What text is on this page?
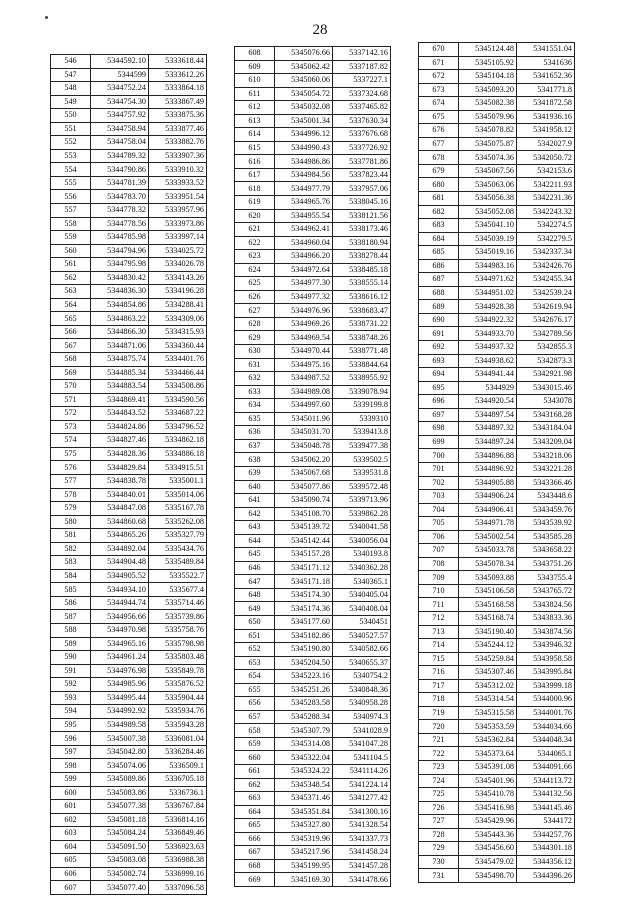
28
546	5344592.10	5333618.44
547	5344599	5333612.26
548	5344752.24	5333864.18
549	5344754.30	5333867.49
550	5344757.92	5333875.36
551	5344758.94	5333877.46
552	5344758.04	5333882.76
553	5344789.32	5333907.36
554	5344790.86	5333910.32
555	5344781.39	5333933.52
556	5344783.70	5333951.54
557	5344778.32	5333957.96
558	5344778.56	5333973.86
559	5344785.98	5333997.14
560	5344794.96	5334025.72
561	5344795.98	5334026.78
562	5344830.42	5334143.26
563	5344836.30	5334196.28
564	5344854.86	5334288.41
565	5344863.22	5334309.06
566	5344866.30	5334315.93
567	5344871.06	5334360.44
568	5344875.74	5334401.76
569	5344885.34	5334466.44
570	5344883.54	5334508.86
571	5344869.41	5334590.56
572	5344843.52	5334687.22
573	5344824.86	5334796.52
574	5344827.46	5334862.18
575	5344828.36	5334886.18
576	5344829.84	5334915.51
577	5344838.78	5335001.1
578	5344840.01	5335014.06
579	5344847.08	5335167.78
580	5344860.68	5335262.08
581	5344865.26	5335327.79
582	5344892.04	5335434.76
583	5344904.48	5335489.84
584	5344905.52	5335522.7
585	5344934.10	5335677.4
586	5344944.74	5335714.46
587	5344956.66	5335739.86
588	5344970.98	5335758.76
589	5344965.16	5335798.98
590	5344961.24	5335803.48
591	5344976.98	5335849.78
592	5344985.96	5335876.52
593	5344995.44	5335904.44
594	5344992.92	5335934.76
595	5344989.58	5335943.28
596	5345007.38	5336081.04
597	5345042.80	5336284.46
598	5345074.06	5336509.1
599	5345089.86	5336705.18
600	5345083.86	5336736.1
601	5345077.38	5336767.84
602	5345081.18	5336814.16
603	5345084.24	5336849.46
604	5345091.50	5336923.63
605	5345083.08	5336988.38
606	5345082.74	5336999.16
607	5345077.40	5337096.58
608	5345076.66	5337142.16
609	5345062.42	5337187.82
610	5345060.06	5337227.1
611	5345054.72	5337324.68
612	5345032.08	5337465.82
613	5345001.34	5337630.34
614	5344996.12	5337676.68
615	5344990.43	5337726.92
616	5344986.86	5337781.86
617	5344984.56	5337823.44
618	5344977.79	5337957.06
619	5344965.76	5338045.16
620	5344955.54	5338121.56
621	5344962.41	5338173.46
622	5344960.04	5338180.94
623	5344966.20	5338278.44
624	5344972.64	5338485.18
625	5344977.30	5338555.14
626	5344977.32	5338616.12
627	5344976.96	5338683.47
628	5344969.26	5338731.22
629	5344969.54	5338748.26
630	5344970.44	5338771.48
631	5344975.16	5338844.64
632	5344987.52	5338955.92
633	5344989.08	5339078.94
634	5344997.60	5339199.8
635	5345011.96	5339310
636	5345031.70	5339413.8
637	5345048.78	5339477.38
638	5345062.20	5339502.5
639	5345067.68	5339531.8
640	5345077.86	5339572.48
641	5345090.74	5339713.96
642	5345108.70	5339862.28
643	5345139.72	5340041.58
644	5345142.44	5340056.04
645	5345157.28	5340193.8
646	5345171.12	5340362.28
647	5345171.18	5340365.1
648	5345174.30	5340405.04
649	5345174.36	5340408.04
650	5345177.60	5340451
651	5345182.86	5340527.57
652	5345190.80	5340582.66
653	5345204.50	5340655.37
654	5345223.16	5340754.2
655	5345251.26	5340848.36
656	5345283.58	5340958.28
657	5345288.34	5340974.3
658	5345307.79	5341028.9
659	5345314.08	5341047.28
660	5345322.04	5341104.5
661	5345324.22	5341114.26
662	5345348.54	5341224.14
663	5345371.46	5341277.42
664	5345351.84	5341300.16
665	5345327.80	5341328.54
666	5345319.96	5341337.73
667	5345217.96	5341458.24
668	5345199.95	5341457.28
669	5345169.30	5341478.66
670	5345124.48	5341551.04
671	5345105.92	5341636
672	5345104.18	5341652.36
673	5345093.20	5341771.8
674	5345082.38	5341872.58
675	5345079.96	5341936.16
676	5345078.82	5341958.12
677	5345075.87	5342027.9
678	5345074.36	5342050.72
679	5345067.56	5342153.6
680	5345063.06	5342211.93
681	5345056.38	5342231.36
682	5345052.08	5342243.32
683	5345041.10	5342274.5
684	5345039.19	5342279.5
685	5345019.16	5342337.34
686	5344983.16	5342426.76
687	5344971.62	5342455.34
688	5344951.02	5342539.24
689	5344928.38	5342619.94
690	5344922.32	5342676.17
691	5344933.70	5342789.56
692	5344937.32	5342855.3
693	5344938.62	5342873.3
694	5344941.44	5342921.98
695	5344929	5343015.46
696	5344920.54	5343078
697	5344897.54	5343168.28
698	5344897.32	5343184.04
699	5344897.24	5343209.04
700	5344896.88	5343218.06
701	5344896.92	5343221.28
702	5344905.88	5343366.46
703	5344906.24	5343448.6
704	5344906.41	5343459.76
705	5344971.78	5343539.92
706	5345002.54	5343585.28
707	5345033.78	5343658.22
708	5345078.34	5343751.26
709	5345093.88	5343755.4
710	5345106.58	5343765.72
711	5345168.58	5343824.56
712	5345168.74	5343833.36
713	5345190.40	5343874.56
714	5345244.12	5343946.32
715	5345259.84	5343958.58
716	5345307.46	5343995.84
717	5345312.02	5343999.18
718	5345314.54	5344000.96
719	5345315.58	5344001.76
720	5345353.59	5344034.66
721	5345362.84	5344048.34
722	5345373.64	5344065.1
723	5345391.08	5344091.66
724	5345401.96	5344113.72
725	5345410.78	5344132.56
726	5345416.98	5344145.46
727	5345429.96	5344172
728	5345443.36	5344257.76
729	5345456.60	5344301.18
730	5345479.02	5344356.12
731	5345498.70	5344396.26
